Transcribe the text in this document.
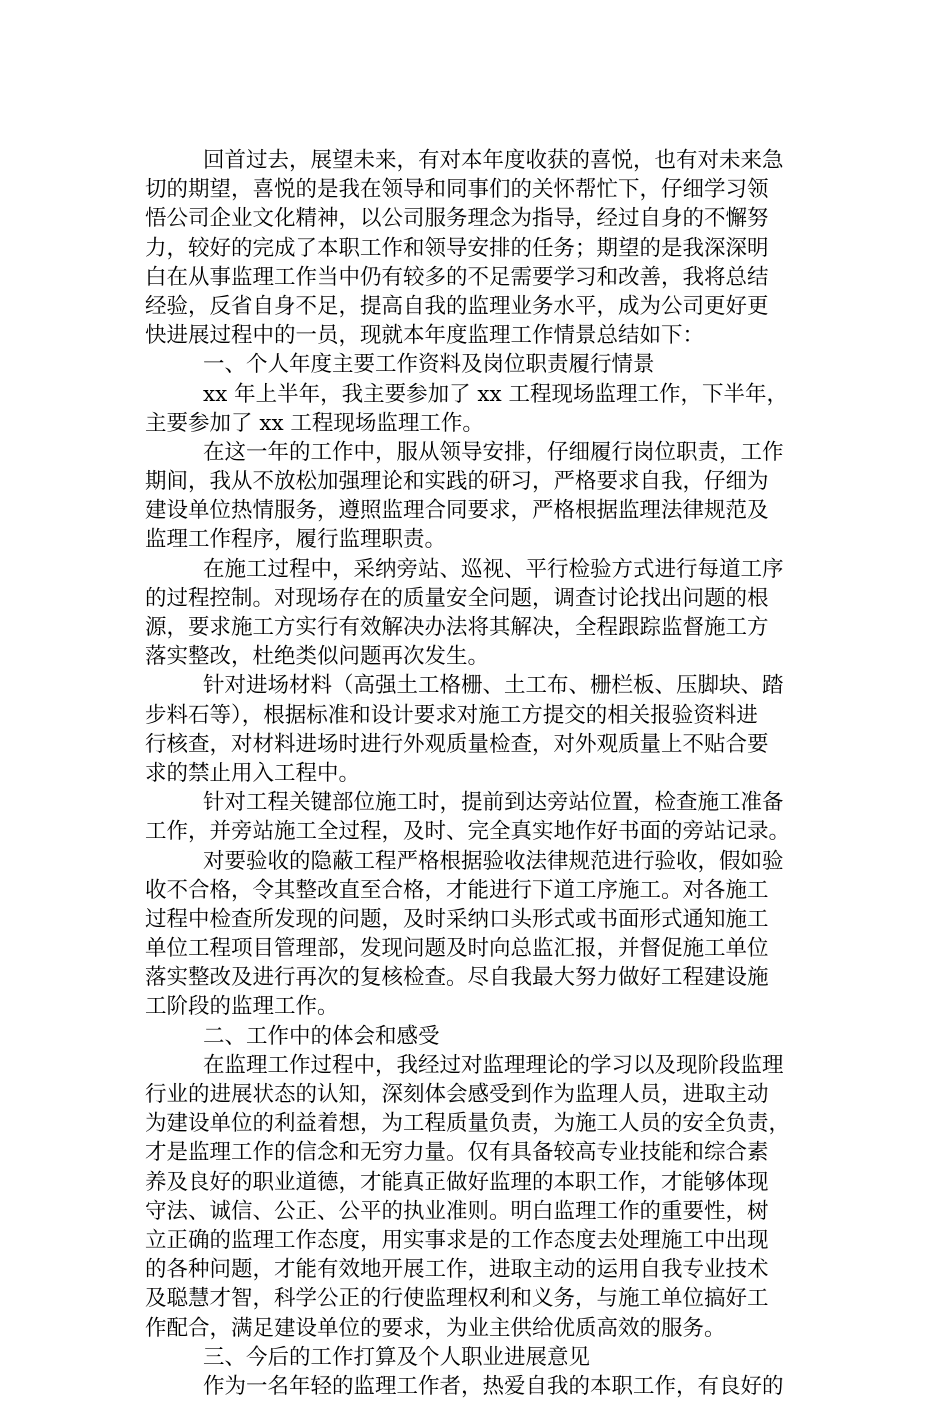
回首过去，展望未来，有对本年度收获的喜悦，也有对未来急
切的期望，喜悦的是我在领导和同事们的关怀帮忙下，仔细学习领
悟公司企业文化精神，以公司服务理念为指导，经过自身的不懈努
力，较好的完成了本职工作和领导安排的任务；期望的是我深深明
白在从事监理工作当中仍有较多的不足需要学习和改善，我将总结
经验，反省自身不足，提高自我的监理业务水平，成为公司更好更
快进展过程中的一员，现就本年度监理工作情景总结如下：
一、个人年度主要工作资料及岗位职责履行情景
xx 年上半年，我主要参加了 xx 工程现场监理工作，下半年，
主要参加了 xx 工程现场监理工作。
在这一年的工作中，服从领导安排，仔细履行岗位职责，工作
期间，我从不放松加强理论和实践的研习，严格要求自我，仔细为
建设单位热情服务，遵照监理合同要求，严格根据监理法律规范及
监理工作程序，履行监理职责。
在施工过程中，采纳旁站、巡视、平行检验方式进行每道工序
的过程控制。对现场存在的质量安全问题，调查讨论找出问题的根
源，要求施工方实行有效解决办法将其解决，全程跟踪监督施工方
落实整改，杜绝类似问题再次发生。
针对进场材料（高强土工格栅、土工布、栅栏板、压脚块、踏
步料石等），根据标准和设计要求对施工方提交的相关报验资料进
行核查，对材料进场时进行外观质量检查，对外观质量上不贴合要
求的禁止用入工程中。
针对工程关键部位施工时，提前到达旁站位置，检查施工准备
工作，并旁站施工全过程，及时、完全真实地作好书面的旁站记录。
对要验收的隐蔽工程严格根据验收法律规范进行验收，假如验
收不合格，令其整改直至合格，才能进行下道工序施工。对各施工
过程中检查所发现的问题，及时采纳口头形式或书面形式通知施工
单位工程项目管理部，发现问题及时向总监汇报，并督促施工单位
落实整改及进行再次的复核检查。尽自我最大努力做好工程建设施
工阶段的监理工作。
二、工作中的体会和感受
在监理工作过程中，我经过对监理理论的学习以及现阶段监理
行业的进展状态的认知，深刻体会感受到作为监理人员，进取主动
为建设单位的利益着想，为工程质量负责，为施工人员的安全负责，
才是监理工作的信念和无穷力量。仅有具备较高专业技能和综合素
养及良好的职业道德，才能真正做好监理的本职工作，才能够体现
守法、诚信、公正、公平的执业准则。明白监理工作的重要性，树
立正确的监理工作态度，用实事求是的工作态度去处理施工中出现
的各种问题，才能有效地开展工作，进取主动的运用自我专业技术
及聪慧才智，科学公正的行使监理权利和义务，与施工单位搞好工
作配合，满足建设单位的要求，为业主供给优质高效的服务。
三、今后的工作打算及个人职业进展意见
作为一名年轻的监理工作者，热爱自我的本职工作，有良好的
